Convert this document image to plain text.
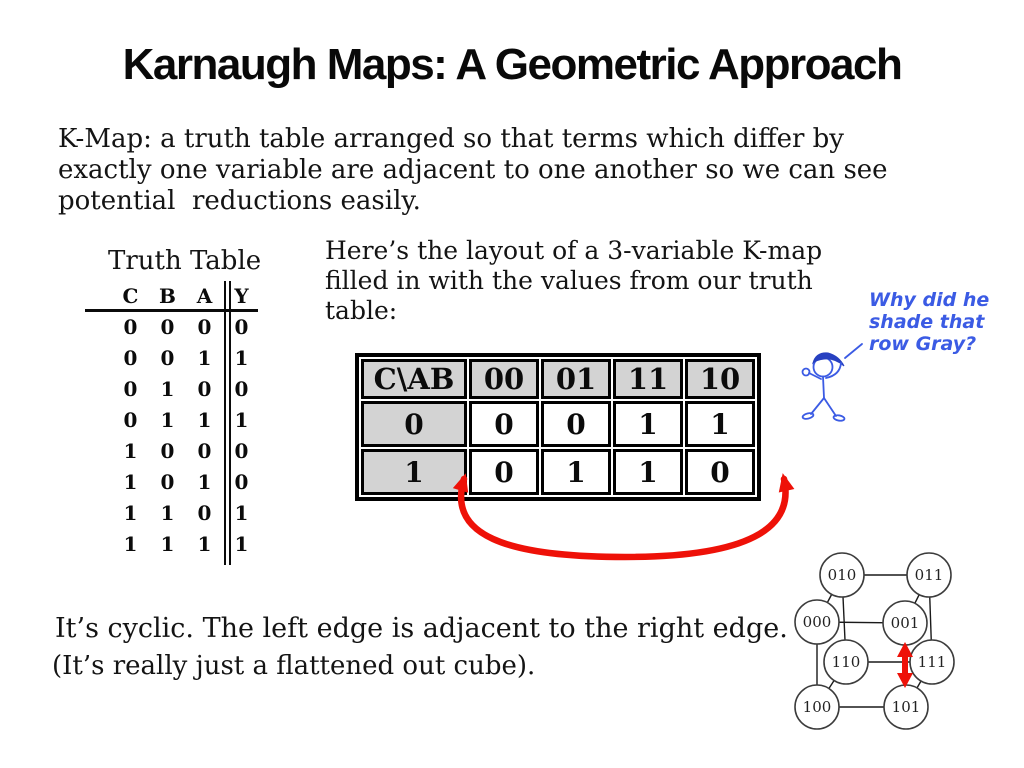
Karnaugh Maps: A Geometric Approach
K-Map: a truth table arranged so that terms which differ by
exactly one variable are adjacent to one another so we can see
potential  reductions easily.
Truth Table
C	B	A	Y
0	0	0	0
0	0	1	1
0	1	0	0
0	1	1	1
1	0	0	0
1	0	1	0
1	1	0	1
1	1	1	1
Here’s the layout of a 3-variable K-map
filled in with the values from our truth
table:
C\AB	00	01	11	10
0	0	0	1	1
1	0	1	1	0
Why did he
shade that
row Gray?
It’s cyclic. The left edge is adjacent to the right edge.
(It’s really just a flattened out cube).
010	011
000	001
110	111
100	101
